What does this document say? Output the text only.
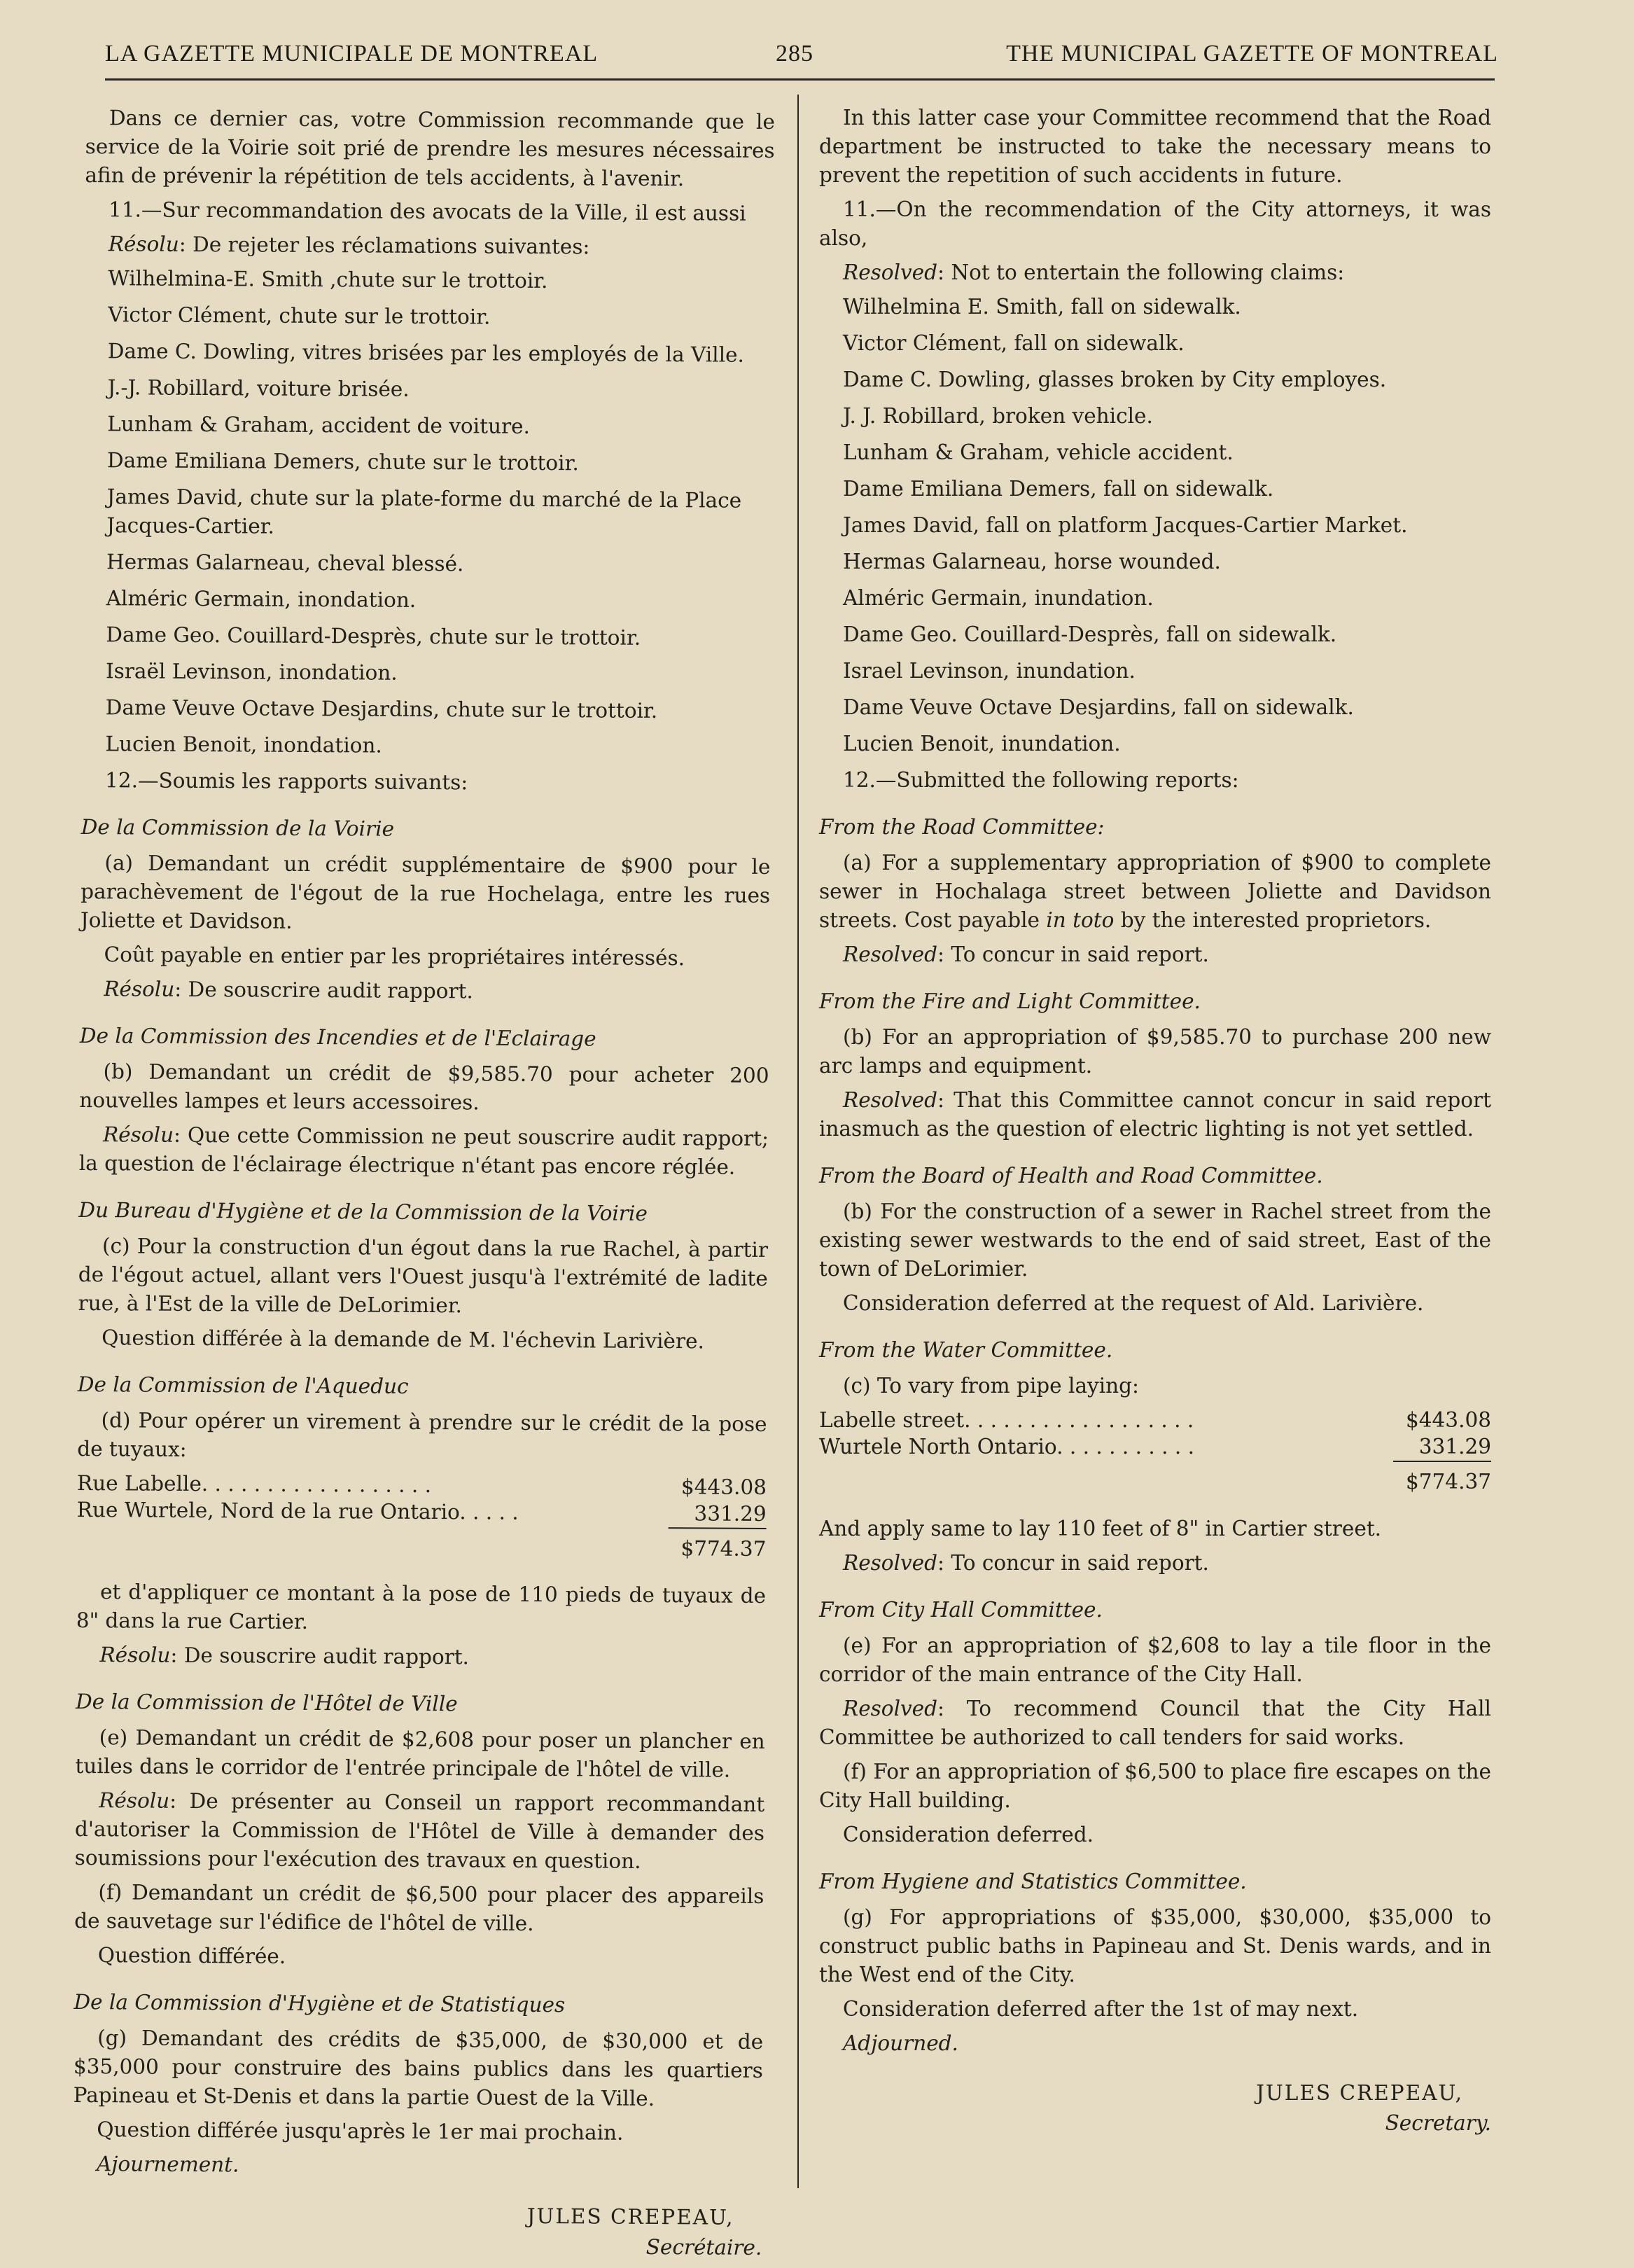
LA GAZETTE MUNICIPALE DE MONTREAL	285	THE MUNICIPAL GAZETTE OF MONTREAL

Dans ce dernier cas, votre Commission recommande que le service de la Voirie soit prié de prendre les mesures nécessaires afin de prévenir la répétition de tels accidents, à l'avenir.

11.—Sur recommandation des avocats de la Ville, il est aussi

Résolu: De rejeter les réclamations suivantes:

Wilhelmina-E. Smith ,chute sur le trottoir.

Victor Clément, chute sur le trottoir.

Dame C. Dowling, vitres brisées par les employés de la Ville.

J.-J. Robillard, voiture brisée.

Lunham & Graham, accident de voiture.

Dame Emiliana Demers, chute sur le trottoir.

James David, chute sur la plate-forme du marché de la Place Jacques-Cartier.

Hermas Galarneau, cheval blessé.

Alméric Germain, inondation.

Dame Geo. Couillard-Desprès, chute sur le trottoir.

Israël Levinson, inondation.

Dame Veuve Octave Desjardins, chute sur le trottoir.

Lucien Benoit, inondation.

12.—Soumis les rapports suivants:

De la Commission de la Voirie

(a) Demandant un crédit supplémentaire de $900 pour le parachèvement de l'égout de la rue Hochelaga, entre les rues Joliette et Davidson.

Coût payable en entier par les propriétaires intéressés.

Résolu: De souscrire audit rapport.

De la Commission des Incendies et de l'Eclairage

(b) Demandant un crédit de $9,585.70 pour acheter 200 nouvelles lampes et leurs accessoires.

Résolu: Que cette Commission ne peut souscrire audit rapport; la question de l'éclairage électrique n'étant pas encore réglée.

Du Bureau d'Hygiène et de la Commission de la Voirie

(c) Pour la construction d'un égout dans la rue Rachel, à partir de l'égout actuel, allant vers l'Ouest jusqu'à l'extrémité de ladite rue, à l'Est de la ville de DeLorimier.

Question différée à la demande de M. l'échevin Larivière.

De la Commission de l'Aqueduc

(d) Pour opérer un virement à prendre sur le crédit de la pose de tuyaux:

Rue Labelle. . . . . . . . . . . . . . . . . .	$443.08
Rue Wurtele, Nord de la rue Ontario. . . . .	331.29

$774.37

et d'appliquer ce montant à la pose de 110 pieds de tuyaux de 8" dans la rue Cartier.

Résolu: De souscrire audit rapport.

De la Commission de l'Hôtel de Ville

(e) Demandant un crédit de $2,608 pour poser un plancher en tuiles dans le corridor de l'entrée principale de l'hôtel de ville.

Résolu: De présenter au Conseil un rapport recommandant d'autoriser la Commission de l'Hôtel de Ville à demander des soumissions pour l'exécution des travaux en question.

(f) Demandant un crédit de $6,500 pour placer des appareils de sauvetage sur l'édifice de l'hôtel de ville.

Question différée.

De la Commission d'Hygiène et de Statistiques

(g) Demandant des crédits de $35,000, de $30,000 et de $35,000 pour construire des bains publics dans les quartiers Papineau et St-Denis et dans la partie Ouest de la Ville.

Question différée jusqu'après le 1er mai prochain.

Ajournement.

JULES CREPEAU,

Secrétaire.

In this latter case your Committee recommend that the Road department be instructed to take the necessary means to prevent the repetition of such accidents in future.

11.—On the recommendation of the City attorneys, it was also,

Resolved: Not to entertain the following claims:

Wilhelmina E. Smith, fall on sidewalk.

Victor Clément, fall on sidewalk.

Dame C. Dowling, glasses broken by City employes.

J. J. Robillard, broken vehicle.

Lunham & Graham, vehicle accident.

Dame Emiliana Demers, fall on sidewalk.

James David, fall on platform Jacques-Cartier Market.

Hermas Galarneau, horse wounded.

Alméric Germain, inundation.

Dame Geo. Couillard-Desprès, fall on sidewalk.

Israel Levinson, inundation.

Dame Veuve Octave Desjardins, fall on sidewalk.

Lucien Benoit, inundation.

12.—Submitted the following reports:

From the Road Committee:

(a) For a supplementary appropriation of $900 to complete sewer in Hochalaga street between Joliette and Davidson streets. Cost payable in toto by the interested proprietors.

Resolved: To concur in said report.

From the Fire and Light Committee.

(b) For an appropriation of $9,585.70 to purchase 200 new arc lamps and equipment.

Resolved: That this Committee cannot concur in said report inasmuch as the question of electric lighting is not yet settled.

From the Board of Health and Road Committee.

(b) For the construction of a sewer in Rachel street from the existing sewer westwards to the end of said street, East of the town of DeLorimier.

Consideration deferred at the request of Ald. Larivière.

From the Water Committee.

(c) To vary from pipe laying:

Labelle street. . . . . . . . . . . . . . . . . .	$443.08
Wurtele North Ontario. . . . . . . . . . .	331.29

$774.37

And apply same to lay 110 feet of 8" in Cartier street.

Resolved: To concur in said report.

From City Hall Committee.

(e) For an appropriation of $2,608 to lay a tile floor in the corridor of the main entrance of the City Hall.

Resolved: To recommend Council that the City Hall Committee be authorized to call tenders for said works.

(f) For an appropriation of $6,500 to place fire escapes on the City Hall building.

Consideration deferred.

From Hygiene and Statistics Committee.

(g) For appropriations of $35,000, $30,000, $35,000 to construct public baths in Papineau and St. Denis wards, and in the West end of the City.

Consideration deferred after the 1st of may next.

Adjourned.

JULES CREPEAU,

Secretary.
